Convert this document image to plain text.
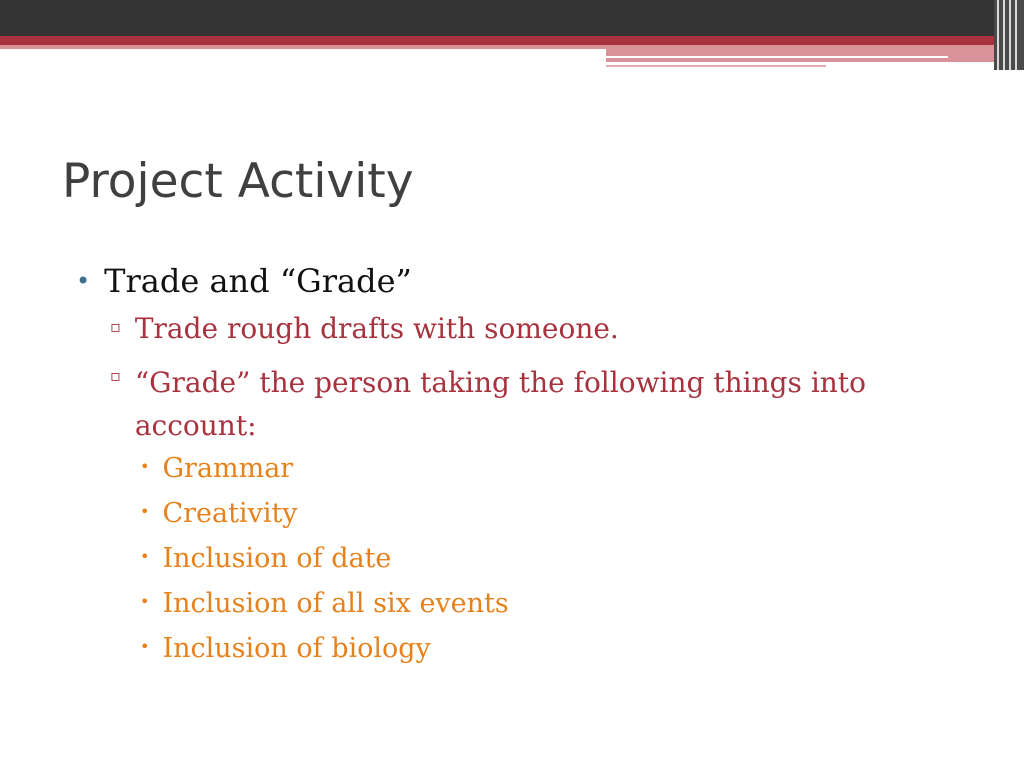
Project Activity
• Trade and “Grade”
▫ Trade rough drafts with someone.
▫ “Grade” the person taking the following things into account:
• Grammar
• Creativity
• Inclusion of date
• Inclusion of all six events
• Inclusion of biology
